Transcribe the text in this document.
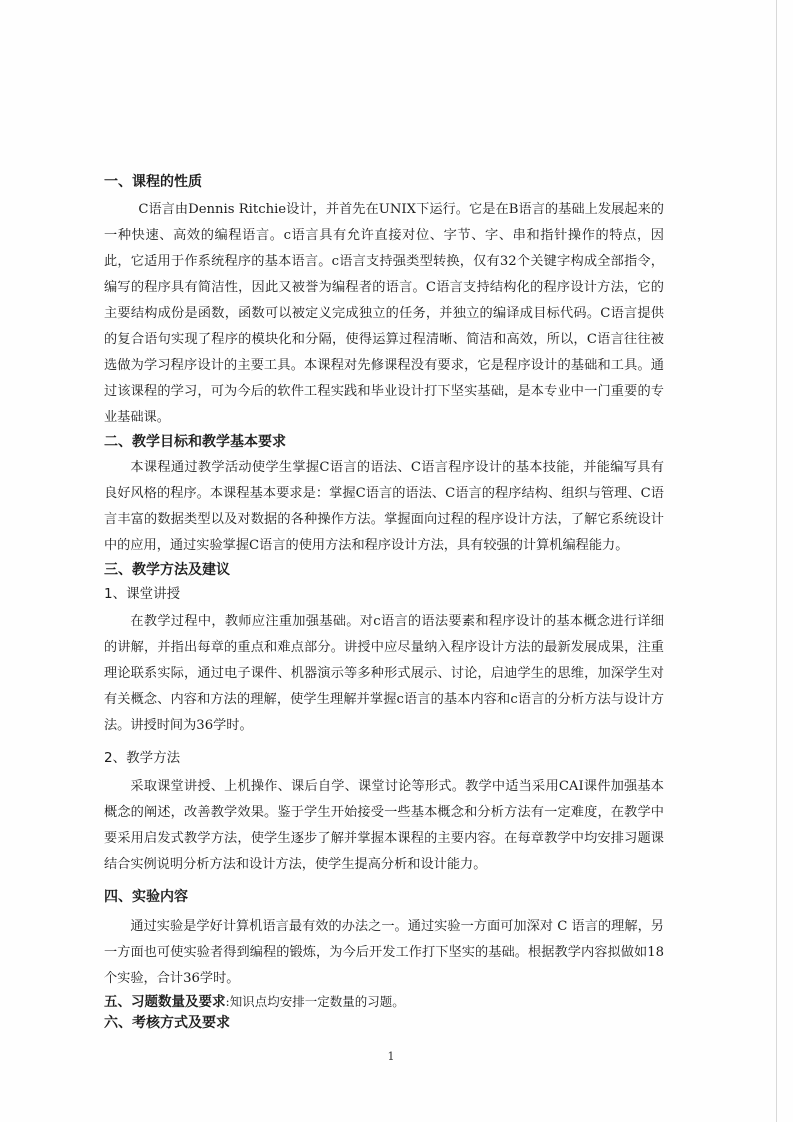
一、课程的性质

C语言由Dennis Ritchie设计，并首先在UNIX下运行。它是在B语言的基础上发展起来的一种快速、高效的编程语言。c语言具有允许直接对位、字节、字、串和指针操作的特点，因此，它适用于作系统程序的基本语言。c语言支持强类型转换，仅有32个关键字构成全部指令，编写的程序具有简洁性，因此又被誉为编程者的语言。C语言支持结构化的程序设计方法，它的主要结构成份是函数，函数可以被定义完成独立的任务，并独立的编译成目标代码。C语言提供的复合语句实现了程序的模块化和分隔，使得运算过程清晰、简洁和高效，所以，C语言往往被选做为学习程序设计的主要工具。本课程对先修课程没有要求，它是程序设计的基础和工具。通过该课程的学习，可为今后的软件工程实践和毕业设计打下坚实基础，是本专业中一门重要的专业基础课。

二、教学目标和教学基本要求

本课程通过教学活动使学生掌握C语言的语法、C语言程序设计的基本技能，并能编写具有良好风格的程序。本课程基本要求是：掌握C语言的语法、C语言的程序结构、组织与管理、C语言丰富的数据类型以及对数据的各种操作方法。掌握面向过程的程序设计方法，了解它系统设计中的应用，通过实验掌握C语言的使用方法和程序设计方法，具有较强的计算机编程能力。

三、教学方法及建议
1、课堂讲授

在教学过程中，教师应注重加强基础。对c语言的语法要素和程序设计的基本概念进行详细的讲解，并指出每章的重点和难点部分。讲授中应尽量纳入程序设计方法的最新发展成果，注重理论联系实际，通过电子课件、机器演示等多种形式展示、讨论，启迪学生的思维，加深学生对有关概念、内容和方法的理解，使学生理解并掌握c语言的基本内容和c语言的分析方法与设计方法。讲授时间为36学时。

2、教学方法

采取课堂讲授、上机操作、课后自学、课堂讨论等形式。教学中适当采用CAI课件加强基本概念的阐述，改善教学效果。鉴于学生开始接受一些基本概念和分析方法有一定难度，在教学中要采用启发式教学方法，使学生逐步了解并掌握本课程的主要内容。在每章教学中均安排习题课结合实例说明分析方法和设计方法，使学生提高分析和设计能力。

四、实验内容

通过实验是学好计算机语言最有效的办法之一。通过实验一方面可加深对 C 语言的理解，另一方面也可使实验者得到编程的锻炼，为今后开发工作打下坚实的基础。根据教学内容拟做如18个实验，合计36学时。

五、习题数量及要求:知识点均安排一定数量的习题。
六、考核方式及要求
1
